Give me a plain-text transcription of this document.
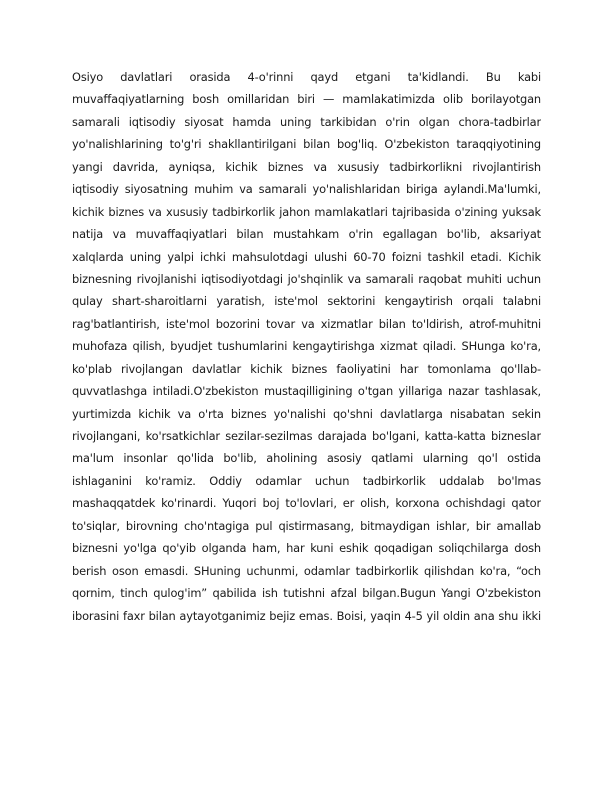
Osiyo davlatlari orasida 4-o'rinni qayd etgani ta'kidlandi. Bu kabi
muvaffaqiyatlarning bosh omillaridan biri — mamlakatimizda olib borilayotgan
samarali iqtisodiy siyosat hamda uning tarkibidan o'rin olgan chora-tadbirlar
yo'nalishlarining to'g'ri shakllantirilgani bilan bog'liq. O'zbekiston taraqqiyotining
yangi davrida, ayniqsa, kichik biznes va xususiy tadbirkorlikni rivojlantirish
iqtisodiy siyosatning muhim va samarali yo'nalishlaridan biriga aylandi.Ma'lumki,
kichik biznes va xususiy tadbirkorlik jahon mamlakatlari tajribasida o'zining yuksak
natija va muvaffaqiyatlari bilan mustahkam o'rin egallagan bo'lib, aksariyat
xalqlarda uning yalpi ichki mahsulotdagi ulushi 60-70 foizni tashkil etadi. Kichik
biznesning rivojlanishi iqtisodiyotdagi jo'shqinlik va samarali raqobat muhiti uchun
qulay shart-sharoitlarni yaratish, iste'mol sektorini kengaytirish orqali talabni
rag'batlantirish, iste'mol bozorini tovar va xizmatlar bilan to'ldirish, atrof-muhitni
muhofaza qilish, byudjet tushumlarini kengaytirishga xizmat qiladi. SHunga ko'ra,
ko'plab rivojlangan davlatlar kichik biznes faoliyatini har tomonlama qo'llab-
quvvatlashga intiladi.O'zbekiston mustaqilligining o'tgan yillariga nazar tashlasak,
yurtimizda kichik va o'rta biznes yo'nalishi qo'shni davlatlarga nisabatan sekin
rivojlangani, ko'rsatkichlar sezilar-sezilmas darajada bo'lgani, katta-katta bizneslar
ma'lum insonlar qo'lida bo'lib, aholining asosiy qatlami ularning qo'l ostida
ishlaganini ko'ramiz. Oddiy odamlar uchun tadbirkorlik uddalab bo'lmas
mashaqqatdek ko'rinardi. Yuqori boj to'lovlari, er olish, korxona ochishdagi qator
to'siqlar, birovning cho'ntagiga pul qistirmasang, bitmaydigan ishlar, bir amallab
biznesni yo'lga qo'yib olganda ham, har kuni eshik qoqadigan soliqchilarga dosh
berish oson emasdi. SHuning uchunmi, odamlar tadbirkorlik qilishdan ko'ra, “och
qornim, tinch qulog'im” qabilida ish tutishni afzal bilgan.Bugun Yangi O'zbekiston
iborasini faxr bilan aytayotganimiz bejiz emas. Boisi, yaqin 4-5 yil oldin ana shu ikki
